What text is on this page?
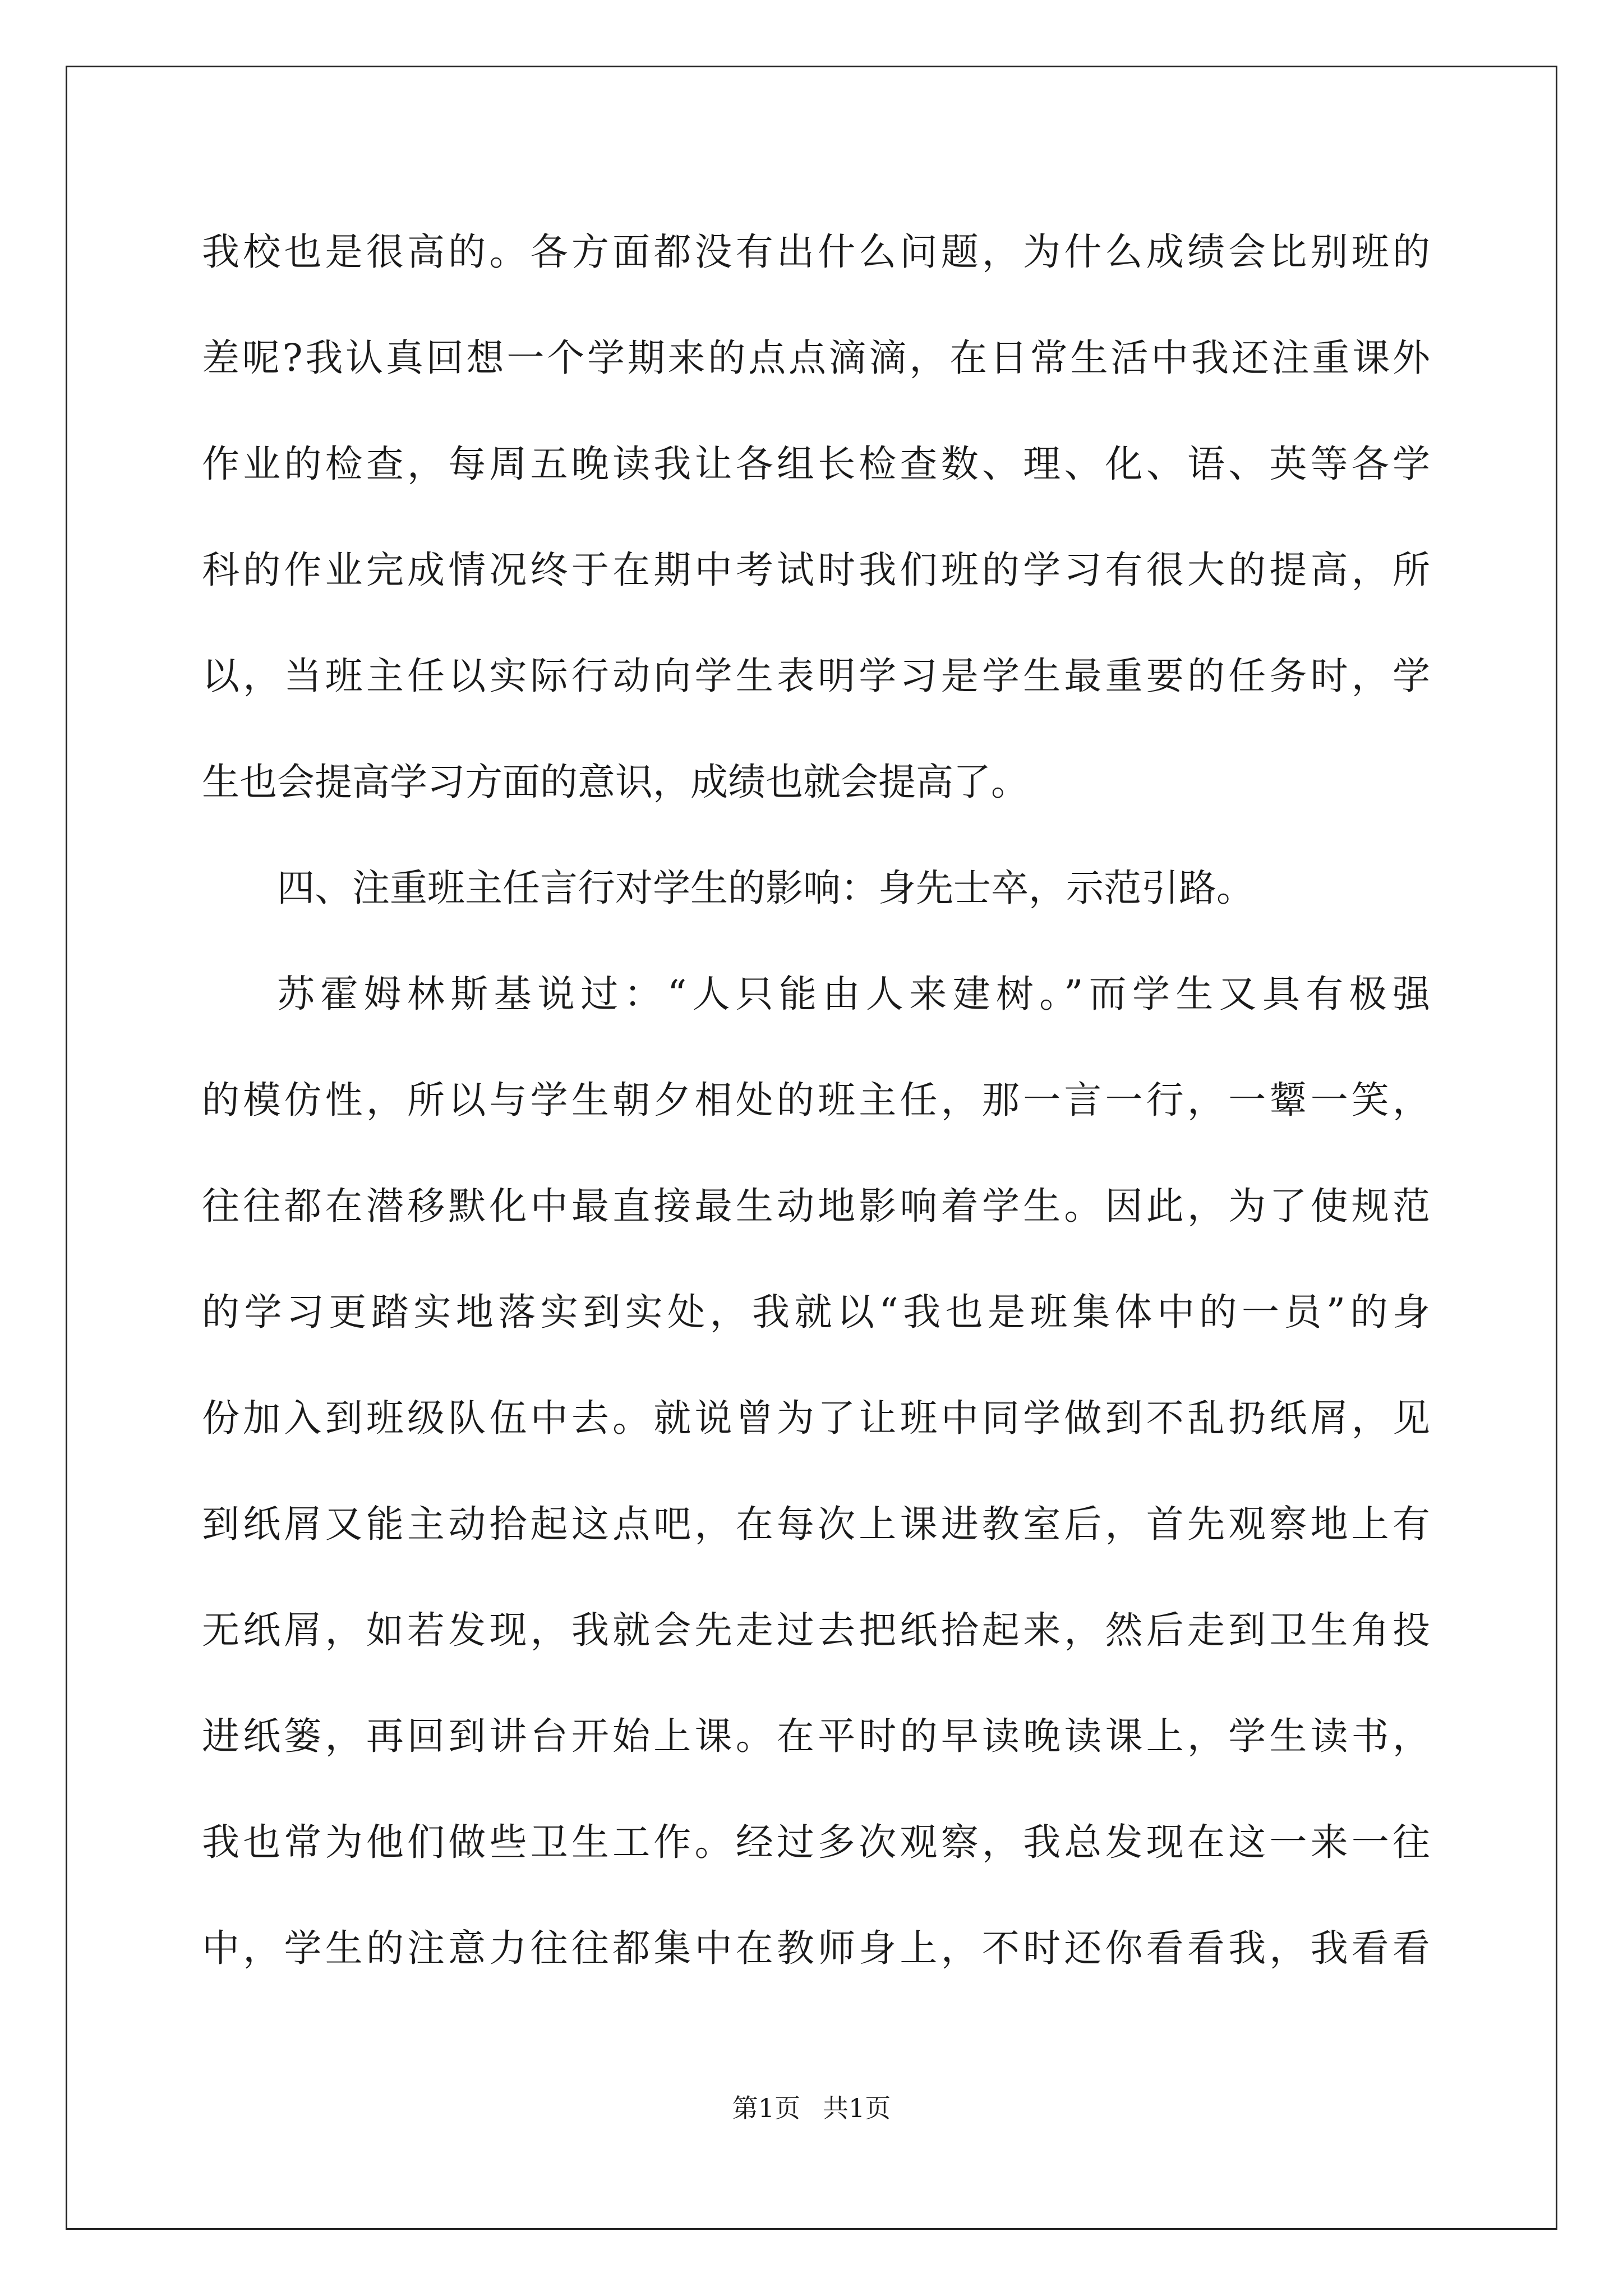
我校也是很高的。各方面都没有出什么问题，为什么成绩会比别班的
差呢?我认真回想一个学期来的点点滴滴，在日常生活中我还注重课外
作业的检查，每周五晚读我让各组长检查数、理、化、语、英等各学
科的作业完成情况终于在期中考试时我们班的学习有很大的提高，所
以，当班主任以实际行动向学生表明学习是学生最重要的任务时，学
生也会提高学习方面的意识，成绩也就会提高了。
四、注重班主任言行对学生的影响：身先士卒，示范引路。
苏霍姆林斯基说过：“人只能由人来建树。”而学生又具有极强
的模仿性，所以与学生朝夕相处的班主任，那一言一行，一颦一笑，
往往都在潜移默化中最直接最生动地影响着学生。因此，为了使规范
的学习更踏实地落实到实处，我就以“我也是班集体中的一员”的身
份加入到班级队伍中去。就说曾为了让班中同学做到不乱扔纸屑，见
到纸屑又能主动拾起这点吧，在每次上课进教室后，首先观察地上有
无纸屑，如若发现，我就会先走过去把纸拾起来，然后走到卫生角投
进纸篓，再回到讲台开始上课。在平时的早读晚读课上，学生读书，
我也常为他们做些卫生工作。经过多次观察，我总发现在这一来一往
中，学生的注意力往往都集中在教师身上，不时还你看看我，我看看
第1页 共1页
